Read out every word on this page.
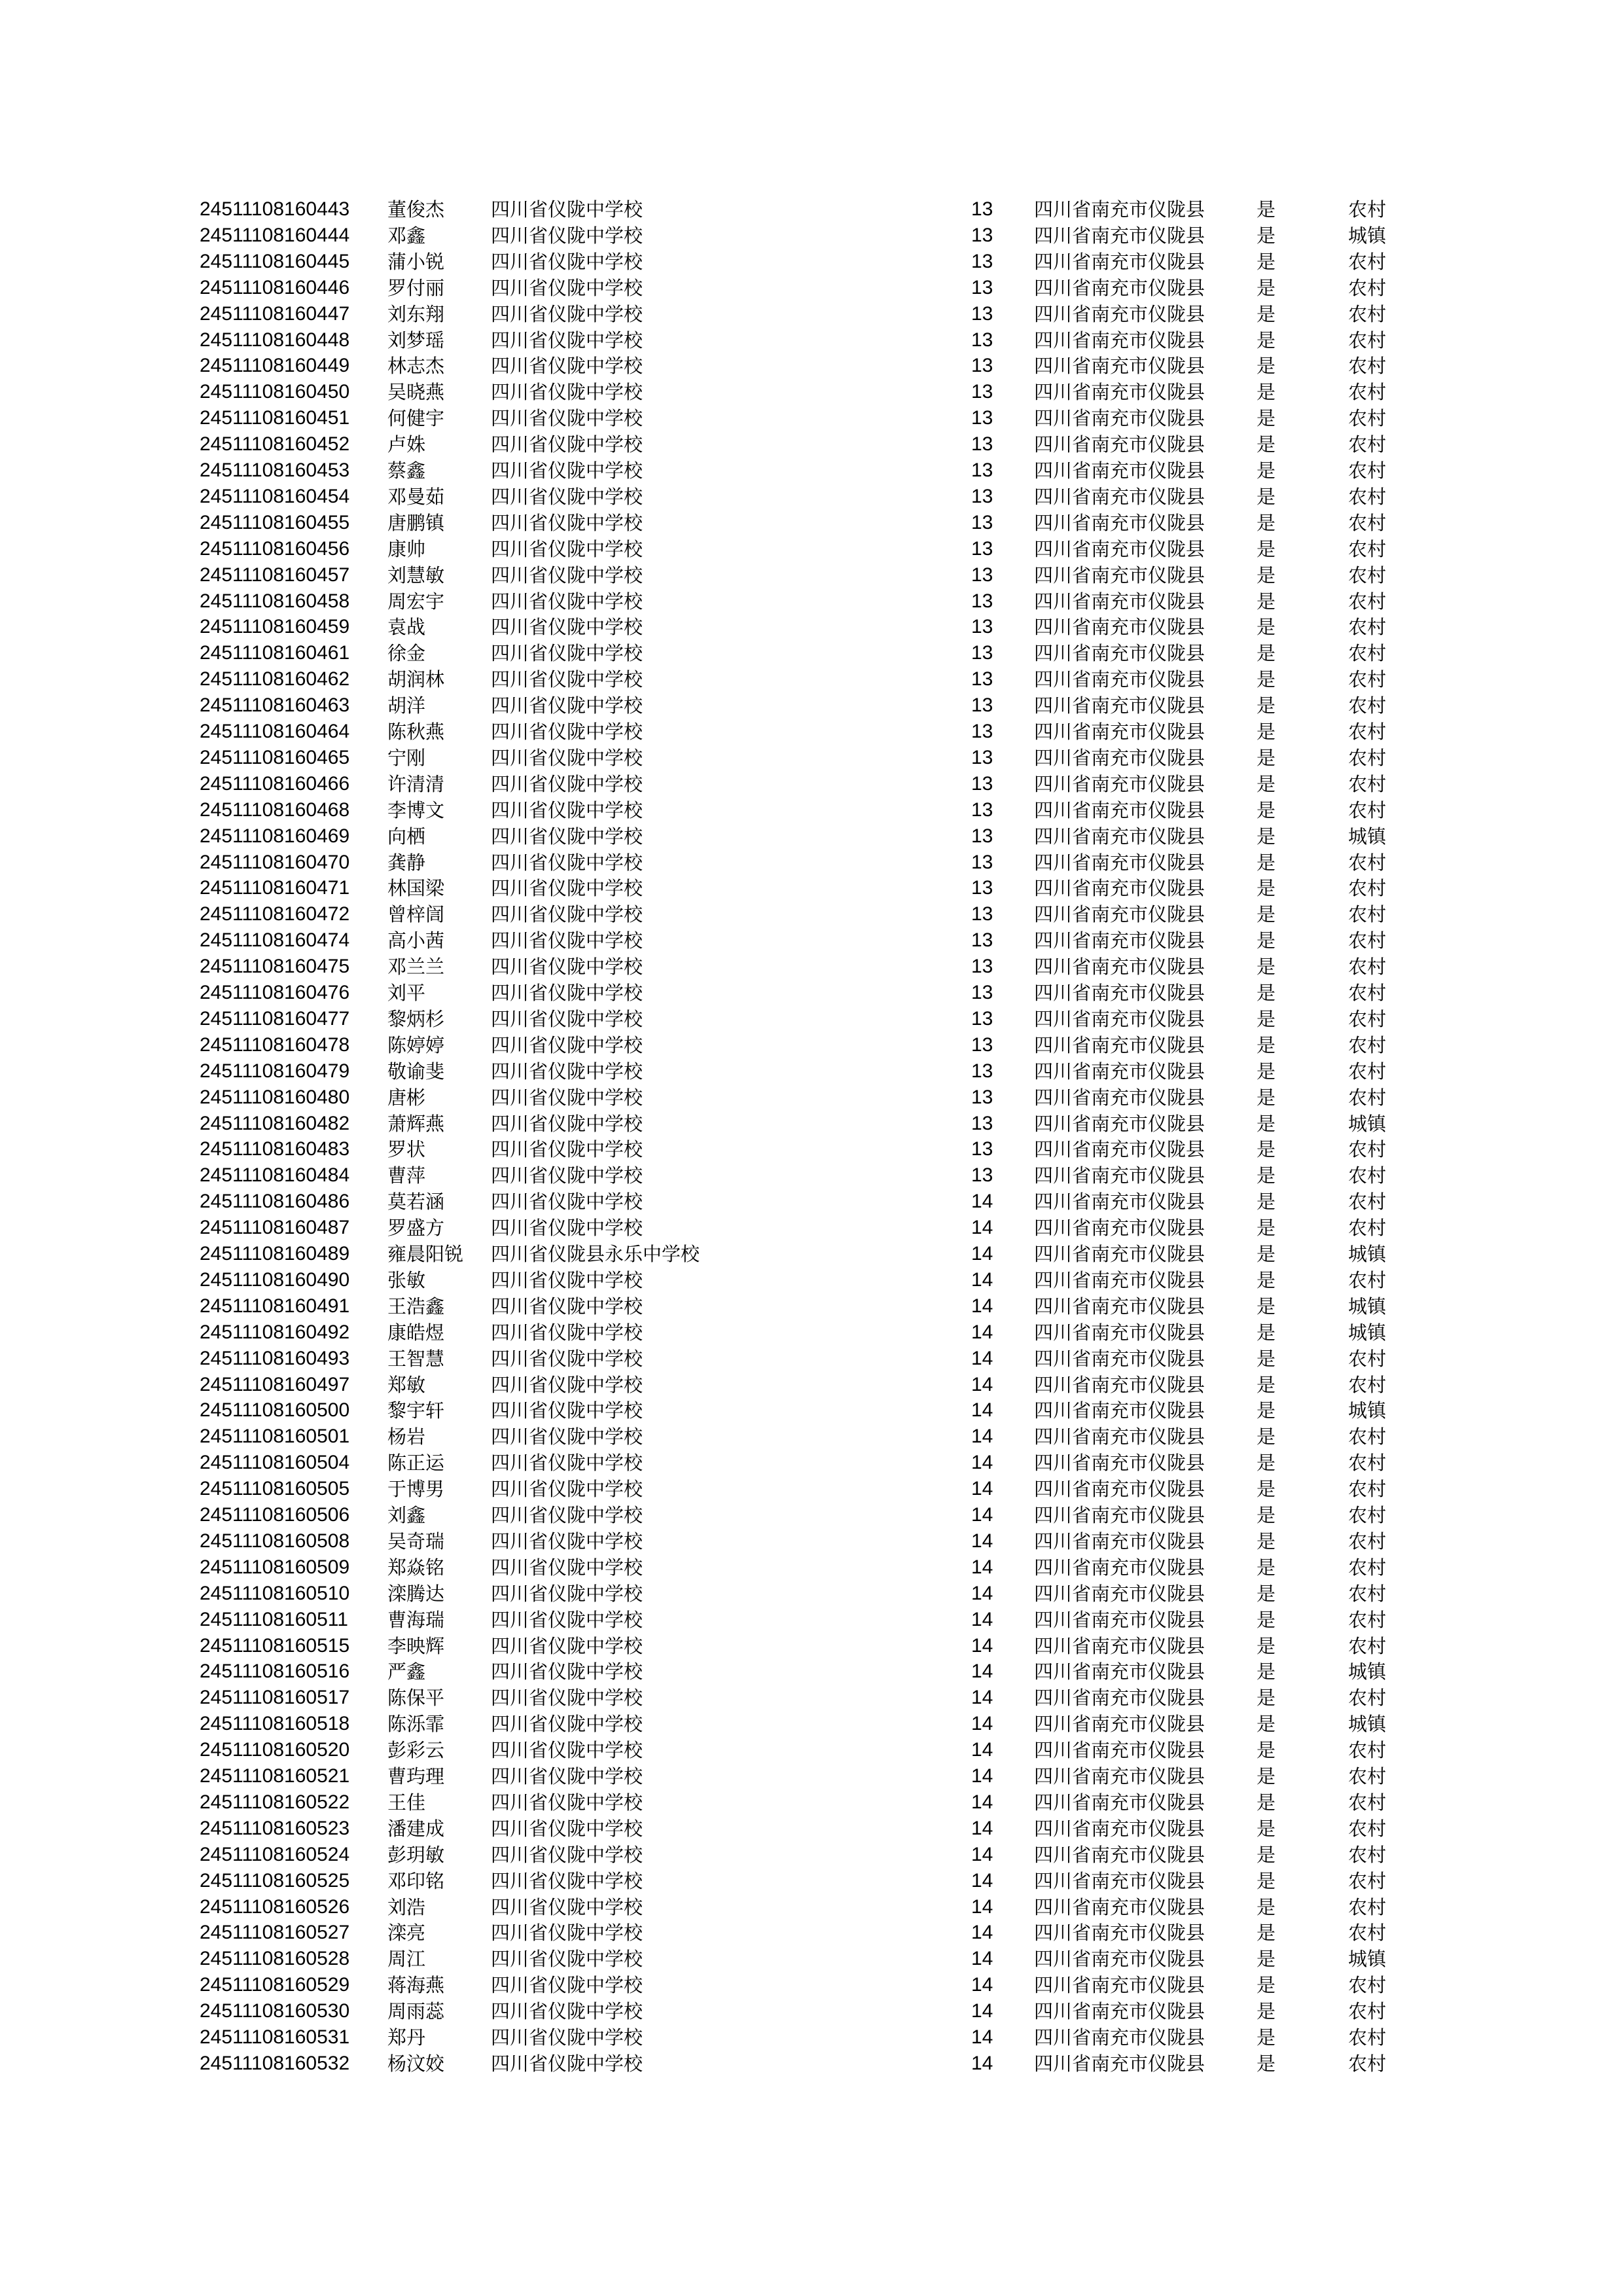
24511108160443 董俊杰 四川省仪陇中学校	13 四川省南充市仪陇县	是	农村
24511108160444 邓鑫	四川省仪陇中学校	13 四川省南充市仪陇县	是	城镇
24511108160445 蒲小锐 四川省仪陇中学校	13 四川省南充市仪陇县	是	农村
24511108160446 罗付丽 四川省仪陇中学校	13 四川省南充市仪陇县	是	农村
24511108160447 刘东翔 四川省仪陇中学校	13 四川省南充市仪陇县	是	农村
24511108160448 刘梦瑶 四川省仪陇中学校	13 四川省南充市仪陇县	是	农村
24511108160449 林志杰 四川省仪陇中学校	13 四川省南充市仪陇县	是	农村
24511108160450 吴晓燕 四川省仪陇中学校	13 四川省南充市仪陇县	是	农村
24511108160451 何健宇 四川省仪陇中学校	13 四川省南充市仪陇县	是	农村
24511108160452 卢姝	四川省仪陇中学校	13 四川省南充市仪陇县	是	农村
24511108160453 蔡鑫	四川省仪陇中学校	13 四川省南充市仪陇县	是	农村
24511108160454 邓曼茹 四川省仪陇中学校	13 四川省南充市仪陇县	是	农村
24511108160455 唐鹏镇 四川省仪陇中学校	13 四川省南充市仪陇县	是	农村
24511108160456 康帅	四川省仪陇中学校	13 四川省南充市仪陇县	是	农村
24511108160457 刘慧敏 四川省仪陇中学校	13 四川省南充市仪陇县	是	农村
24511108160458 周宏宇 四川省仪陇中学校	13 四川省南充市仪陇县	是	农村
24511108160459 袁战	四川省仪陇中学校	13 四川省南充市仪陇县	是	农村
24511108160461 徐金	四川省仪陇中学校	13 四川省南充市仪陇县	是	农村
24511108160462 胡润林 四川省仪陇中学校	13 四川省南充市仪陇县	是	农村
24511108160463 胡洋	四川省仪陇中学校	13 四川省南充市仪陇县	是	农村
24511108160464 陈秋燕 四川省仪陇中学校	13 四川省南充市仪陇县	是	农村
24511108160465 宁刚	四川省仪陇中学校	13 四川省南充市仪陇县	是	农村
24511108160466 许清清 四川省仪陇中学校	13 四川省南充市仪陇县	是	农村
24511108160468 李博文 四川省仪陇中学校	13 四川省南充市仪陇县	是	农村
24511108160469 向栖	四川省仪陇中学校	13 四川省南充市仪陇县	是	城镇
24511108160470 龚静	四川省仪陇中学校	13 四川省南充市仪陇县	是	农村
24511108160471 林国梁 四川省仪陇中学校	13 四川省南充市仪陇县	是	农村
24511108160472 曾梓訚 四川省仪陇中学校	13 四川省南充市仪陇县	是	农村
24511108160474 高小茜 四川省仪陇中学校	13 四川省南充市仪陇县	是	农村
24511108160475 邓兰兰 四川省仪陇中学校	13 四川省南充市仪陇县	是	农村
24511108160476 刘平	四川省仪陇中学校	13 四川省南充市仪陇县	是	农村
24511108160477 黎炳杉 四川省仪陇中学校	13 四川省南充市仪陇县	是	农村
24511108160478 陈婷婷 四川省仪陇中学校	13 四川省南充市仪陇县	是	农村
24511108160479 敬谕斐 四川省仪陇中学校	13 四川省南充市仪陇县	是	农村
24511108160480 唐彬	四川省仪陇中学校	13 四川省南充市仪陇县	是	农村
24511108160482 萧辉燕 四川省仪陇中学校	13 四川省南充市仪陇县	是	城镇
24511108160483 罗状	四川省仪陇中学校	13 四川省南充市仪陇县	是	农村
24511108160484 曹萍	四川省仪陇中学校	13 四川省南充市仪陇县	是	农村
24511108160486 莫若涵 四川省仪陇中学校	14 四川省南充市仪陇县	是	农村
24511108160487 罗盛方 四川省仪陇中学校	14 四川省南充市仪陇县	是	农村
24511108160489 雍晨阳锐 四川省仪陇县永乐中学校	14 四川省南充市仪陇县	是	城镇
24511108160490 张敏	四川省仪陇中学校	14 四川省南充市仪陇县	是	农村
24511108160491 王浩鑫 四川省仪陇中学校	14 四川省南充市仪陇县	是	城镇
24511108160492 康皓煜 四川省仪陇中学校	14 四川省南充市仪陇县	是	城镇
24511108160493 王智慧 四川省仪陇中学校	14 四川省南充市仪陇县	是	农村
24511108160497 郑敏	四川省仪陇中学校	14 四川省南充市仪陇县	是	农村
24511108160500 黎宇轩 四川省仪陇中学校	14 四川省南充市仪陇县	是	城镇
24511108160501 杨岩	四川省仪陇中学校	14 四川省南充市仪陇县	是	农村
24511108160504 陈正运 四川省仪陇中学校	14 四川省南充市仪陇县	是	农村
24511108160505 于博男 四川省仪陇中学校	14 四川省南充市仪陇县	是	农村
24511108160506 刘鑫	四川省仪陇中学校	14 四川省南充市仪陇县	是	农村
24511108160508 吴奇瑞 四川省仪陇中学校	14 四川省南充市仪陇县	是	农村
24511108160509 郑焱铭 四川省仪陇中学校	14 四川省南充市仪陇县	是	农村
24511108160510 滦腾达 四川省仪陇中学校	14 四川省南充市仪陇县	是	农村
24511108160511 曹海瑞 四川省仪陇中学校	14 四川省南充市仪陇县	是	农村
24511108160515 李映辉 四川省仪陇中学校	14 四川省南充市仪陇县	是	农村
24511108160516 严鑫	四川省仪陇中学校	14 四川省南充市仪陇县	是	城镇
24511108160517 陈保平 四川省仪陇中学校	14 四川省南充市仪陇县	是	农村
24511108160518 陈泺霏 四川省仪陇中学校	14 四川省南充市仪陇县	是	城镇
24511108160520 彭彩云 四川省仪陇中学校	14 四川省南充市仪陇县	是	农村
24511108160521 曹玙理 四川省仪陇中学校	14 四川省南充市仪陇县	是	农村
24511108160522 王佳	四川省仪陇中学校	14 四川省南充市仪陇县	是	农村
24511108160523 潘建成 四川省仪陇中学校	14 四川省南充市仪陇县	是	农村
24511108160524 彭玥敏 四川省仪陇中学校	14 四川省南充市仪陇县	是	农村
24511108160525 邓印铭 四川省仪陇中学校	14 四川省南充市仪陇县	是	农村
24511108160526 刘浩	四川省仪陇中学校	14 四川省南充市仪陇县	是	农村
24511108160527 滦亮	四川省仪陇中学校	14 四川省南充市仪陇县	是	农村
24511108160528 周江	四川省仪陇中学校	14 四川省南充市仪陇县	是	城镇
24511108160529 蒋海燕 四川省仪陇中学校	14 四川省南充市仪陇县	是	农村
24511108160530 周雨蕊 四川省仪陇中学校	14 四川省南充市仪陇县	是	农村
24511108160531 郑丹	四川省仪陇中学校	14 四川省南充市仪陇县	是	农村
24511108160532 杨汶姣 四川省仪陇中学校	14 四川省南充市仪陇县	是	农村
